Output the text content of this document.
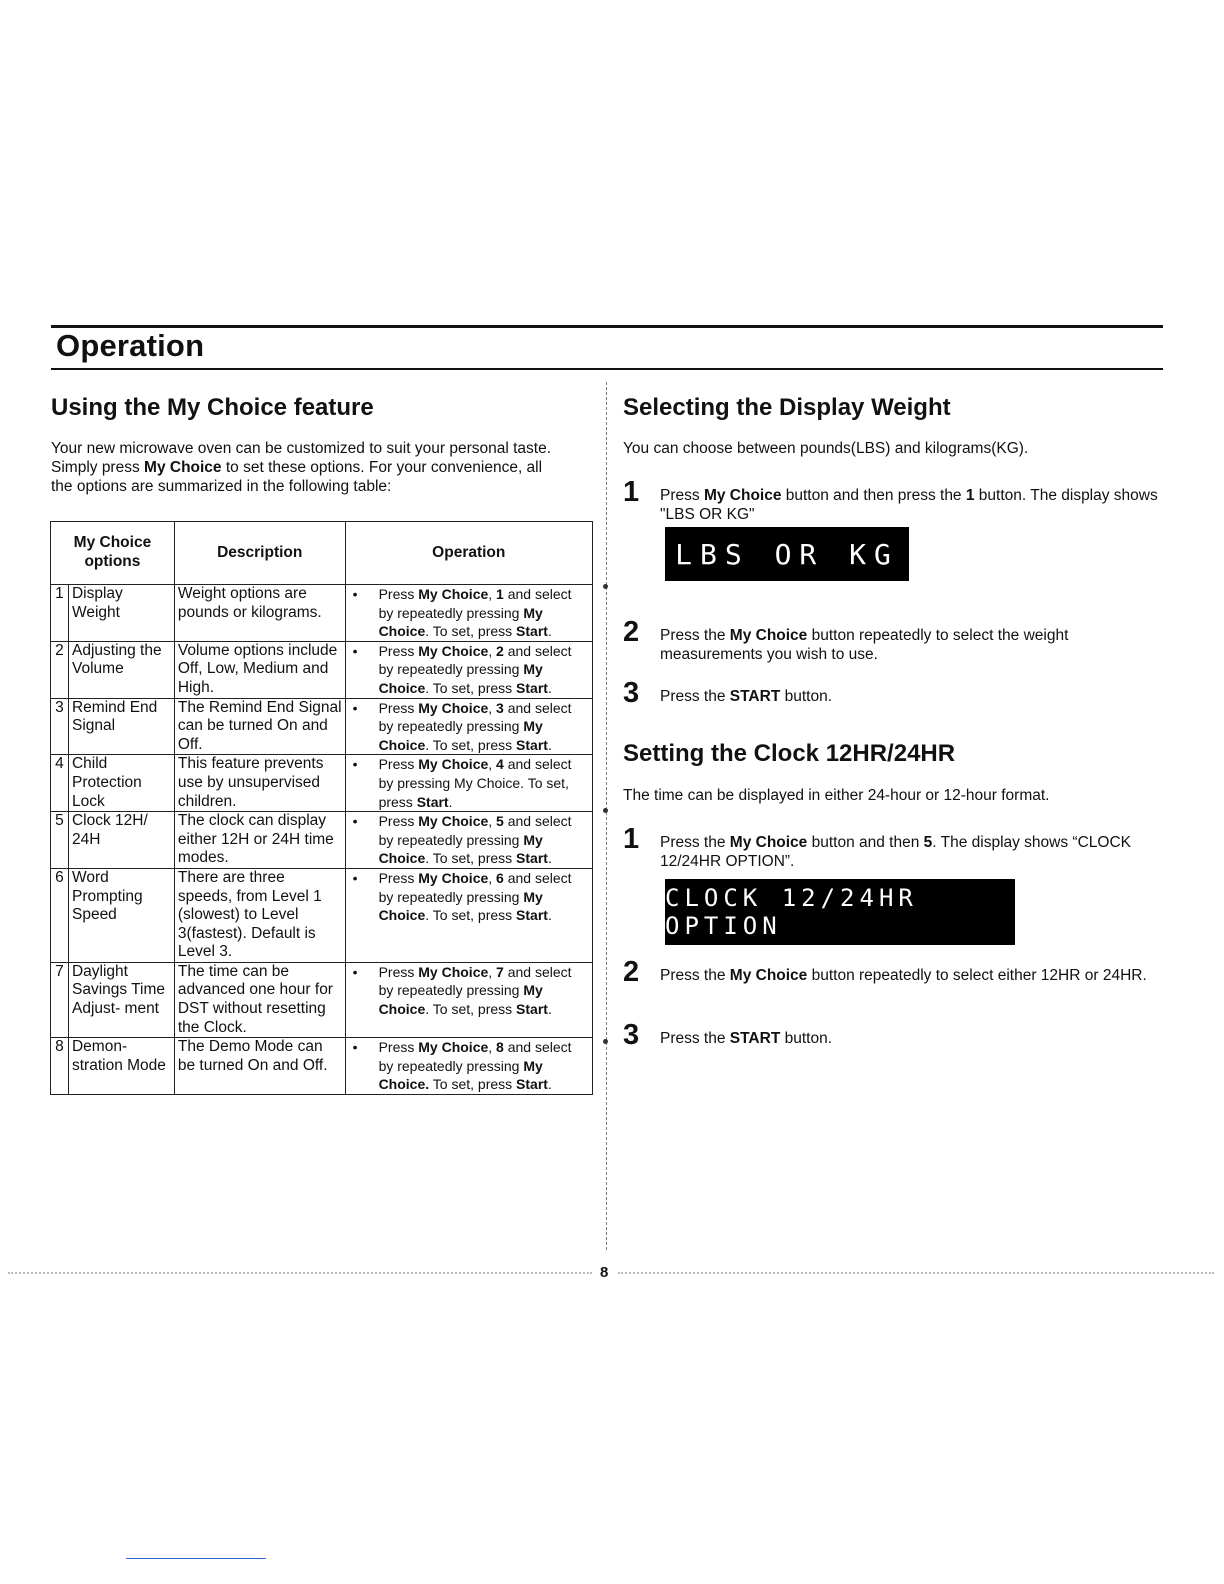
Operation
Using the My Choice feature
Your new microwave oven can be customized to suit your personal taste. Simply press My Choice to set these options. For your convenience, all the options are summarized in the following table:
My Choice options		Description	Operation
1	Display Weight	Weight options are pounds or kilograms.	• Press My Choice, 1 and select by repeatedly pressing My Choice. To set, press Start.

2	Adjusting the Volume	Volume options include Off, Low, Medium and High.	• Press My Choice, 2 and select by repeatedly pressing My Choice. To set, press Start.

3	Remind End Signal	The Remind End Signal can be turned On and Off.	• Press My Choice, 3 and select by repeatedly pressing My Choice. To set, press Start.

4	Child Protection Lock	This feature prevents use by unsupervised children.	• Press My Choice, 4 and select by pressing My Choice. To set, press Start.

5	Clock 12H/ 24H	The clock can display either 12H or 24H time modes.	• Press My Choice, 5 and select by repeatedly pressing My Choice. To set, press Start.

6	Word Prompting Speed	There are three speeds, from Level 1 (slowest) to Level 3(fastest). Default is Level 3.	• Press My Choice, 6 and select by repeatedly pressing My Choice. To set, press Start.

7	Daylight Savings Time Adjust- ment	The time can be advanced one hour for DST without resetting the Clock.	• Press My Choice, 7 and select by repeatedly pressing My Choice. To set, press Start.

8	Demon- stration Mode	The Demo Mode can be turned On and Off.	• Press My Choice, 8 and select by repeatedly pressing My Choice. To set, press Start.
Selecting the Display Weight
You can choose between pounds(LBS) and kilograms(KG).
1 Press My Choice button and then press the 1 button. The display shows "LBS OR KG"
LBS OR KG
2 Press the My Choice button repeatedly to select the weight measurements you wish to use.
3 Press the START button.
Setting the Clock 12HR/24HR
The time can be displayed in either 24-hour or 12-hour format.
1 Press the My Choice button and then 5. The display shows “CLOCK 12/24HR OPTION”.
CLOCK 12/24HR OPTION
2 Press the My Choice button repeatedly to select either 12HR or 24HR.
3 Press the START button.
8
